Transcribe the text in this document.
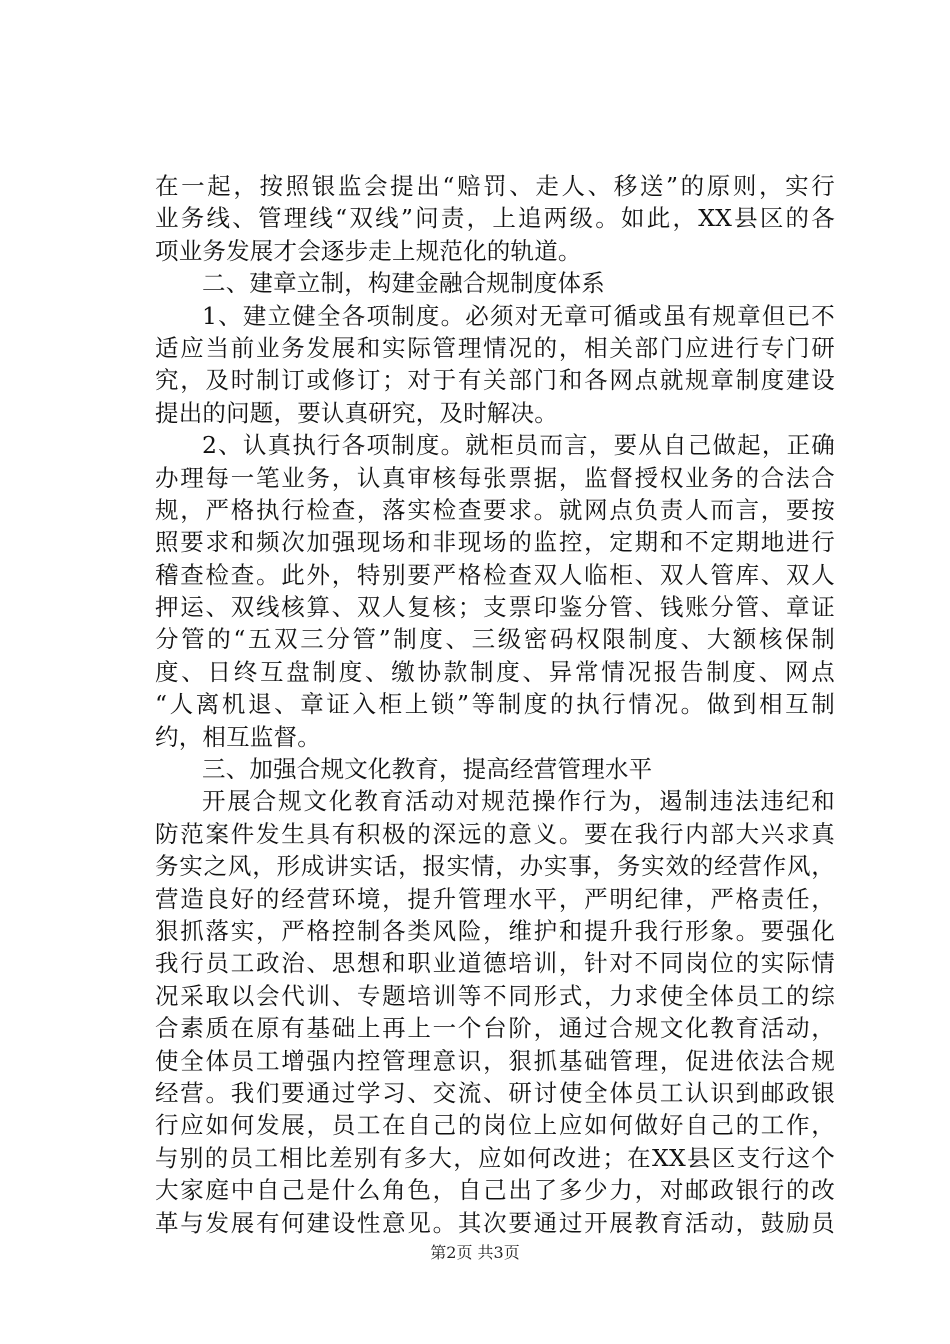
在一起，按照银监会提出“赔罚、走人、移送”的原则，实行
业务线、管理线“双线”问责，上追两级。如此，XX县区的各
项业务发展才会逐步走上规范化的轨道。
二、建章立制，构建金融合规制度体系
1、建立健全各项制度。必须对无章可循或虽有规章但已不
适应当前业务发展和实际管理情况的，相关部门应进行专门研
究，及时制订或修订；对于有关部门和各网点就规章制度建设
提出的问题，要认真研究，及时解决。
2、认真执行各项制度。就柜员而言，要从自己做起，正确
办理每一笔业务，认真审核每张票据，监督授权业务的合法合
规，严格执行检查，落实检查要求。就网点负责人而言，要按
照要求和频次加强现场和非现场的监控，定期和不定期地进行
稽查检查。此外，特别要严格检查双人临柜、双人管库、双人
押运、双线核算、双人复核；支票印鉴分管、钱账分管、章证
分管的“五双三分管”制度、三级密码权限制度、大额核保制
度、日终互盘制度、缴协款制度、异常情况报告制度、网点
“人离机退、章证入柜上锁”等制度的执行情况。做到相互制
约，相互监督。
三、加强合规文化教育，提高经营管理水平
开展合规文化教育活动对规范操作行为，遏制违法违纪和
防范案件发生具有积极的深远的意义。要在我行内部大兴求真
务实之风，形成讲实话，报实情，办实事，务实效的经营作风，
营造良好的经营环境，提升管理水平，严明纪律，严格责任，
狠抓落实，严格控制各类风险，维护和提升我行形象。要强化
我行员工政治、思想和职业道德培训，针对不同岗位的实际情
况采取以会代训、专题培训等不同形式，力求使全体员工的综
合素质在原有基础上再上一个台阶，通过合规文化教育活动，
使全体员工增强内控管理意识，狠抓基础管理，促进依法合规
经营。我们要通过学习、交流、研讨使全体员工认识到邮政银
行应如何发展，员工在自己的岗位上应如何做好自己的工作，
与别的员工相比差别有多大，应如何改进；在XX县区支行这个
大家庭中自己是什么角色，自己出了多少力，对邮政银行的改
革与发展有何建设性意见。其次要通过开展教育活动，鼓励员
第2页 共3页
